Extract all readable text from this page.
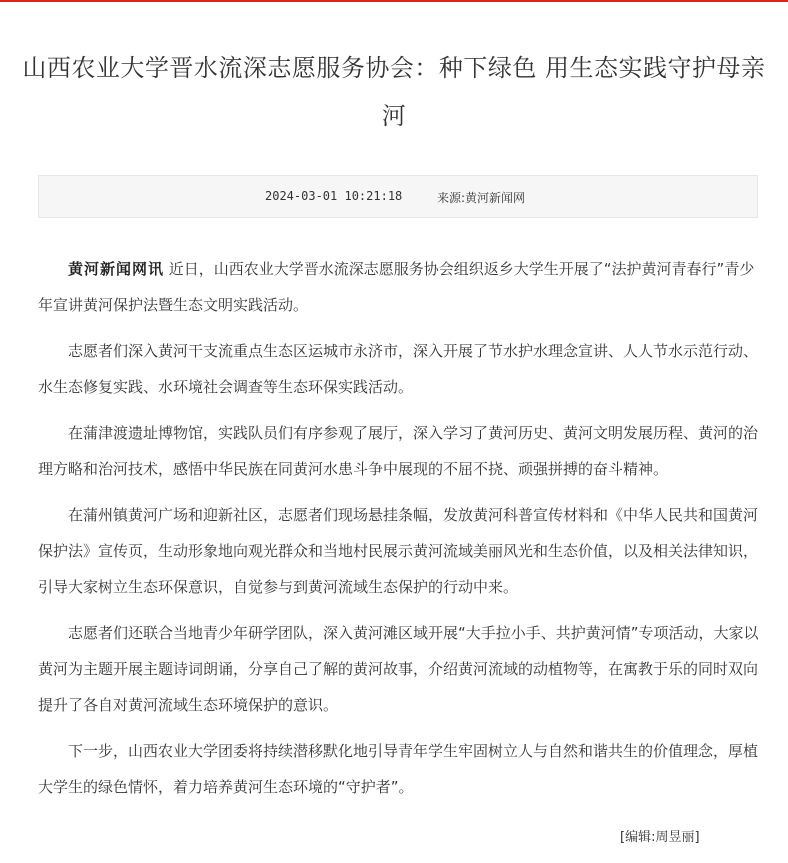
山西农业大学晋水流深志愿服务协会：种下绿色 用生态实践守护母亲河
2024-03-01 10:21:18	来源:黄河新闻网

黄河新闻网讯 近日，山西农业大学晋水流深志愿服务协会组织返乡大学生开展了“法护黄河青春行”青少年宣讲黄河保护法暨生态文明实践活动。

志愿者们深入黄河干支流重点生态区运城市永济市，深入开展了节水护水理念宣讲、人人节水示范行动、水生态修复实践、水环境社会调查等生态环保实践活动。

在蒲津渡遗址博物馆，实践队员们有序参观了展厅，深入学习了黄河历史、黄河文明发展历程、黄河的治理方略和治河技术，感悟中华民族在同黄河水患斗争中展现的不屈不挠、顽强拼搏的奋斗精神。

在蒲州镇黄河广场和迎新社区，志愿者们现场悬挂条幅，发放黄河科普宣传材料和《中华人民共和国黄河保护法》宣传页，生动形象地向观光群众和当地村民展示黄河流域美丽风光和生态价值，以及相关法律知识，引导大家树立生态环保意识，自觉参与到黄河流域生态保护的行动中来。

志愿者们还联合当地青少年研学团队，深入黄河滩区域开展“大手拉小手、共护黄河情”专项活动，大家以黄河为主题开展主题诗词朗诵，分享自己了解的黄河故事，介绍黄河流域的动植物等，在寓教于乐的同时双向提升了各自对黄河流域生态环境保护的意识。

下一步，山西农业大学团委将持续潜移默化地引导青年学生牢固树立人与自然和谐共生的价值理念，厚植大学生的绿色情怀，着力培养黄河生态环境的“守护者”。

[编辑:周昱丽]
